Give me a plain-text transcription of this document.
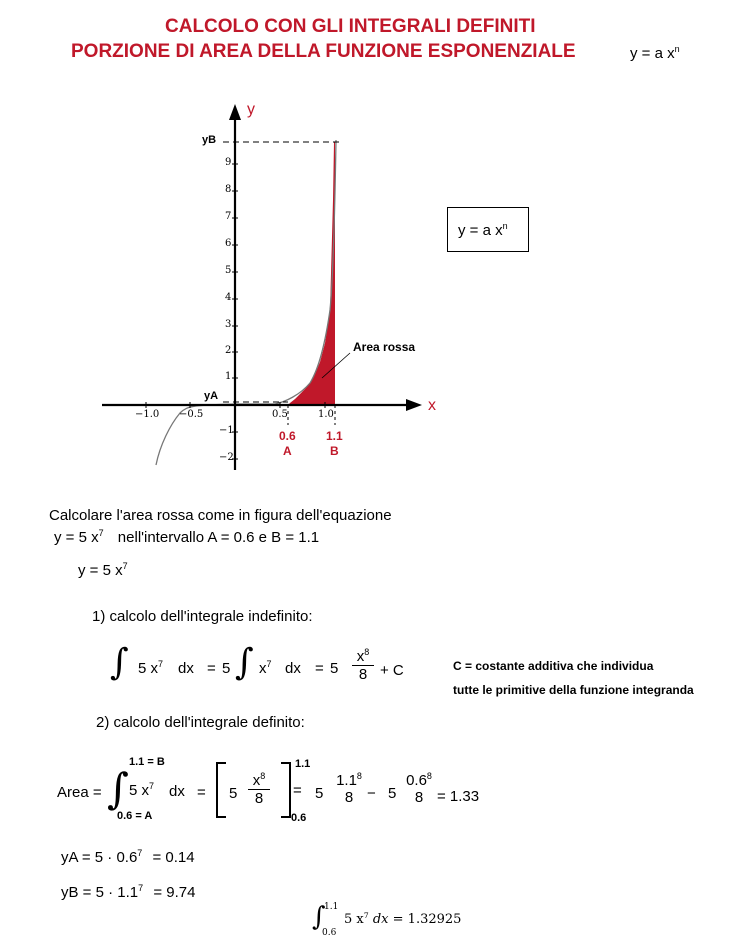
CALCOLO CON GLI INTEGRALI DEFINITI
PORZIONE DI AREA DELLA FUNZIONE ESPONENZIALE	y = a $x^n$
y
x
yB
yA
9
8
7
6
5
4
3
2
1
−1
−2
−1.0 −0.5	0.5	1.0
0.6
A
1.1
B
Area rossa
y = a $x^n$
Calcolare l'area rossa come in figura dell'equazione
y = 5 $x^7$ nell'intervallo A = 0.6 e B = 1.1
y = 5 $x^7$
1) calcolo dell'integrale indefinito:
∫ 5 $x^7$ dx = 5 ∫ $x^7$ dx = $5 \frac{x^8}{8} + C$	C = costante additiva che individua
tutte le primitive della funzione integranda
2) calcolo dell'integrale definito:
Area = ∫
1.1 = B
0.6 = A
5 $x^7$ dx = $5 \frac{x^8}{8}$
1.1
0.6
= 5
$1.1^8$
8 − 5
$0.6^8$
8 = 1.33
yA = $5 \cdot 0.6^7 = 0.14$
yB = $5 \cdot 1.1^7 = 9.74$
∫
1.1
0.6
5 $x^7$ dx = 1.32925
